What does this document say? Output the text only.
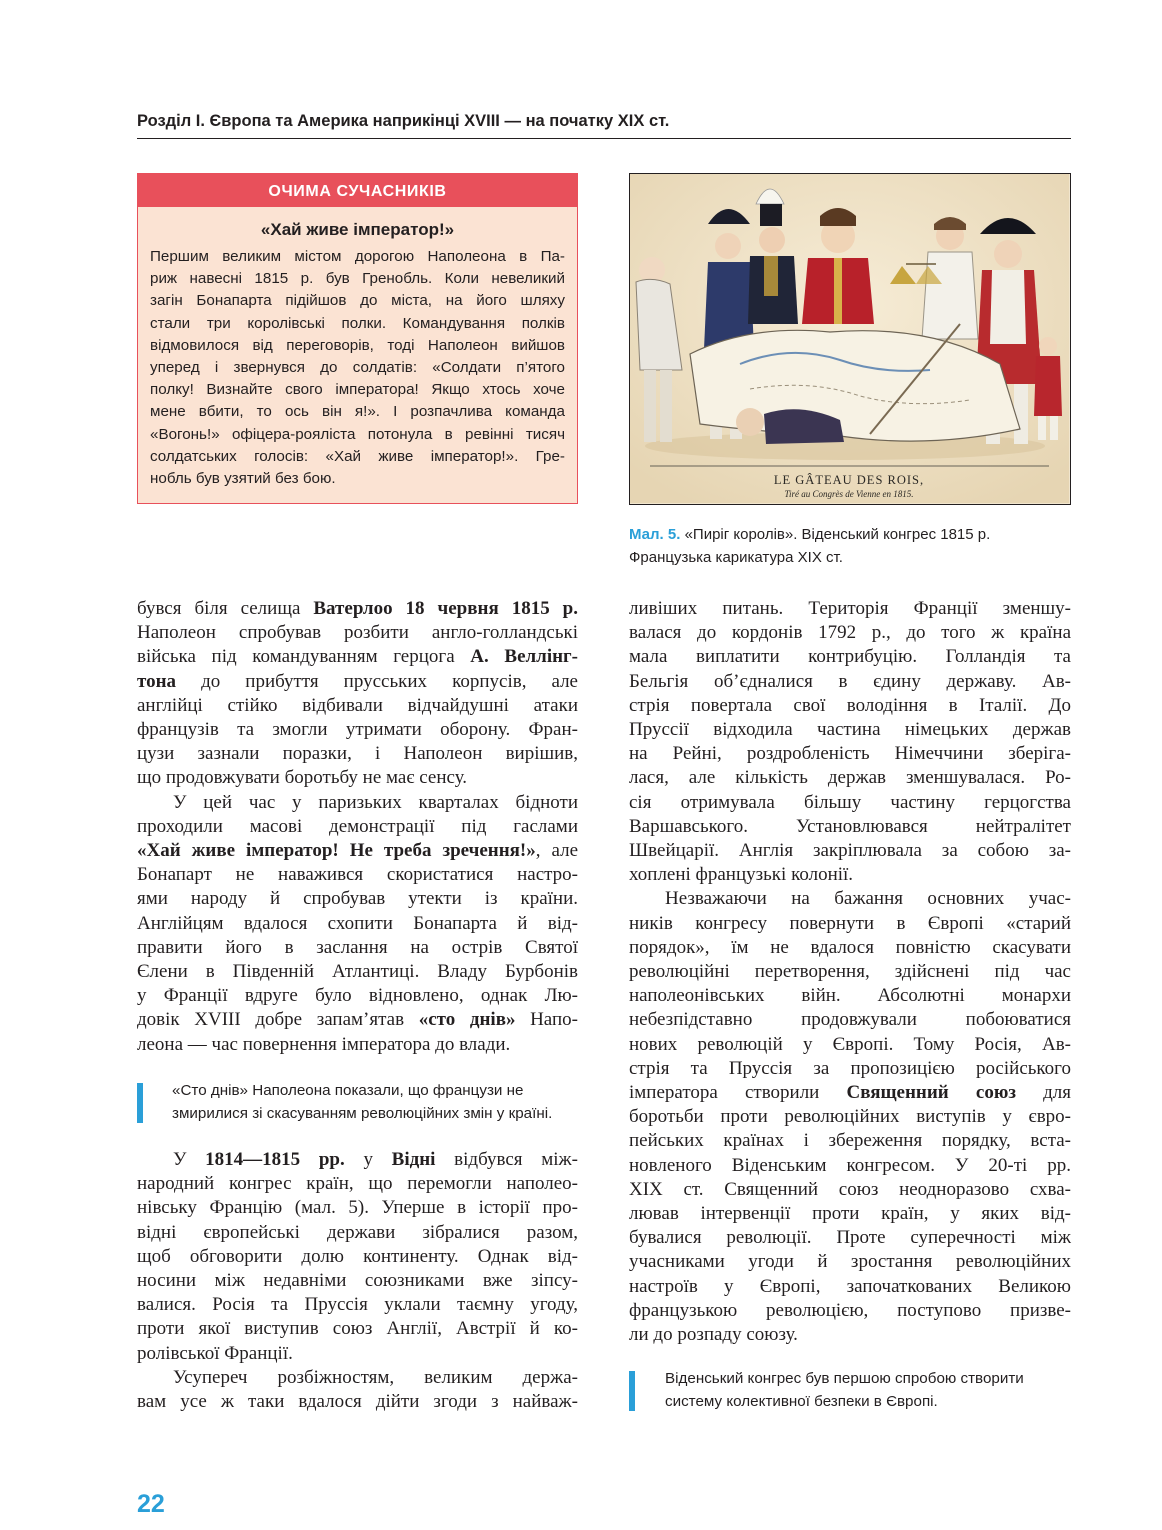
Розділ І. Європа та Америка наприкінці XVIII — на початку XIX ст.
ОЧИМА СУЧАСНИКІВ
«Хай живе імператор!»
Першим великим містом дорогою Наполеона в Па-
риж навесні 1815 р. був Гренобль. Коли невеликий
загін Бонапарта підійшов до міста, на його шляху
стали три королівські полки. Командування полків
відмовилося від переговорів, тоді Наполеон вийшов
уперед і звернувся до солдатів: «Солдати п’ятого
полку! Визнайте свого імператора! Якщо хтось хоче
мене вбити, то ось він я!». І розпачлива команда
«Вогонь!» офіцера-рояліста потонула в ревінні тисяч
солдатських голосів: «Хай живе імператор!». Гре-
нобль був узятий без бою.	LE GÂTEAU DES ROIS,
Tiré au Congrès de Vienne en 1815.
Мал. 5. «Пиріг королів». Віденський конгрес 1815 р.
Французька карикатура XIX ст.
бувся біля селища Ватерлоо 18 червня 1815 р.
Наполеон спробував розбити англо-голландські
війська під командуванням герцога А. Веллінг-
тона до прибуття прусських корпусів, але
англійці стійко відбивали відчайдушні атаки
французів та змогли утримати оборону. Фран-
цузи зазнали поразки, і Наполеон вирішив,
що продовжувати боротьбу не має сенсу.
У цей час у паризьких кварталах бідноти
проходили масові демонстрації під гаслами
«Хай живе імператор! Не треба зречення!», але
Бонапарт не наважився скористатися настро-
ями народу й спробував утекти із країни.
Англійцям вдалося схопити Бонапарта й від-
правити його в заслання на острів Святої
Єлени в Південній Атлантиці. Владу Бурбонів
у Франції вдруге було відновлено, однак Лю-
довік XVIII добре запам’ятав «сто днів» Напо-
леона — час повернення імператора до влади.
«Сто днів» Наполеона показали, що французи не
змирилися зі скасуванням революційних змін у країні.
У 1814—1815 рр. у Відні відбувся між-
народний конгрес країн, що перемогли наполео-
нівську Францію (мал. 5). Уперше в історії про-
відні європейські держави зібралися разом,
щоб обговорити долю континенту. Однак від-
носини між недавніми союзниками вже зіпсу-
валися. Росія та Пруссія уклали таємну угоду,
проти якої виступив союз Англії, Австрії й ко-
ролівської Франції.
Усупереч розбіжностям, великим держа-
вам усе ж таки вдалося дійти згоди з найваж-
ливіших питань. Територія Франції зменшу-
валася до кордонів 1792 р., до того ж країна
мала виплатити контрибуцію. Голландія та
Бельгія об’єдналися в єдину державу. Ав-
стрія повертала свої володіння в Італії. До
Пруссії відходила частина німецьких держав
на Рейні, роздробленість Німеччини зберіга-
лася, але кількість держав зменшувалася. Ро-
сія отримувала більшу частину герцогства
Варшавського. Установлювався нейтралітет
Швейцарії. Англія закріплювала за собою за-
хоплені французькі колонії.
Незважаючи на бажання основних учас-
ників конгресу повернути в Європі «старий
порядок», їм не вдалося повністю скасувати
революційні перетворення, здійснені під час
наполеонівських війн. Абсолютні монархи
небезпідставно продовжували побоюватися
нових революцій у Європі. Тому Росія, Ав-
стрія та Пруссія за пропозицією російського
імператора створили Священний союз для
боротьби проти революційних виступів у євро-
пейських країнах і збереження порядку, вста-
новленого Віденським конгресом. У 20-ті рр.
XIX ст. Священний союз неодноразово схва-
лював інтервенції проти країн, у яких від-
бувалися революції. Проте суперечності між
учасниками угоди й зростання революційних
настроїв у Європі, започаткованих Великою
французькою революцією, поступово призве-
ли до розпаду союзу.
Віденський конгрес був першою спробою створити
систему колективної безпеки в Європі.
22
